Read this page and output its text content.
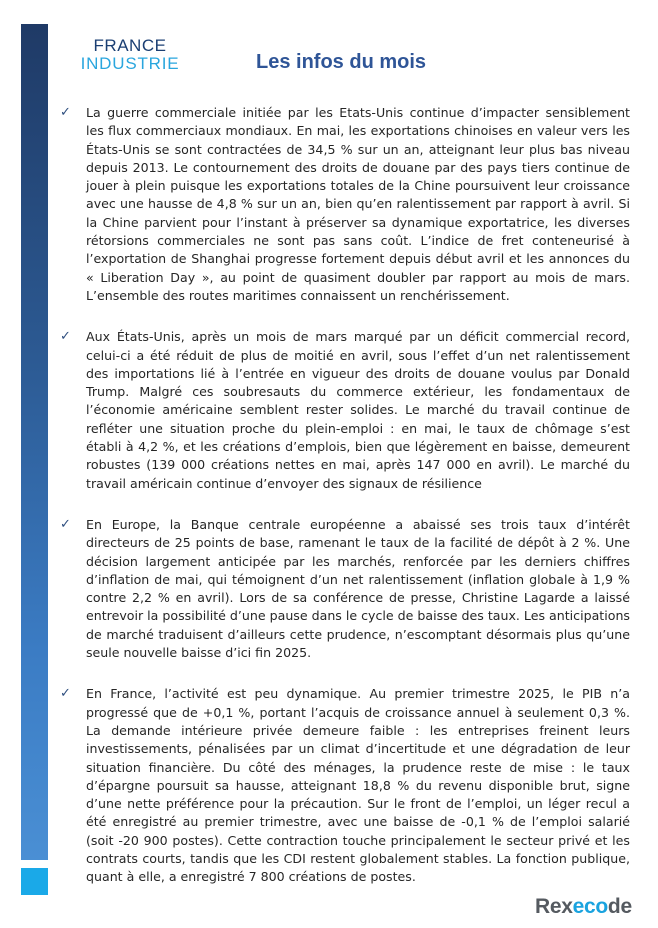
FRANCE
INDUSTRIE	Les infos du mois
✓ La guerre commerciale initiée par les Etats-Unis continue d’impacter sensiblement les flux commerciaux mondiaux. En mai, les exportations chinoises en valeur vers les États-Unis se sont contractées de 34,5 % sur un an, atteignant leur plus bas niveau depuis 2013. Le contournement des droits de douane par des pays tiers continue de jouer à plein puisque les exportations totales de la Chine poursuivent leur croissance avec une hausse de 4,8 % sur un an, bien qu’en ralentissement par rapport à avril. Si la Chine parvient pour l’instant à préserver sa dynamique exportatrice, les diverses rétorsions commerciales ne sont pas sans coût. L’indice de fret conteneurisé à l’exportation de Shanghai progresse fortement depuis début avril et les annonces du « Liberation Day », au point de quasiment doubler par rapport au mois de mars. L’ensemble des routes maritimes connaissent un renchérissement.

✓ Aux États-Unis, après un mois de mars marqué par un déficit commercial record, celui-ci a été réduit de plus de moitié en avril, sous l’effet d’un net ralentissement des importations lié à l’entrée en vigueur des droits de douane voulus par Donald Trump. Malgré ces soubresauts du commerce extérieur, les fondamentaux de l’économie américaine semblent rester solides. Le marché du travail continue de refléter une situation proche du plein-emploi : en mai, le taux de chômage s’est établi à 4,2 %, et les créations d’emplois, bien que légèrement en baisse, demeurent robustes (139 000 créations nettes en mai, après 147 000 en avril). Le marché du travail américain continue d’envoyer des signaux de résilience

✓ En Europe, la Banque centrale européenne a abaissé ses trois taux d’intérêt directeurs de 25 points de base, ramenant le taux de la facilité de dépôt à 2 %. Une décision largement anticipée par les marchés, renforcée par les derniers chiffres d’inflation de mai, qui témoignent d’un net ralentissement (inflation globale à 1,9 % contre 2,2 % en avril). Lors de sa conférence de presse, Christine Lagarde a laissé entrevoir la possibilité d’une pause dans le cycle de baisse des taux. Les anticipations de marché traduisent d’ailleurs cette prudence, n’escomptant désormais plus qu’une seule nouvelle baisse d’ici fin 2025.

✓ En France, l’activité est peu dynamique. Au premier trimestre 2025, le PIB n’a progressé que de +0,1 %, portant l’acquis de croissance annuel à seulement 0,3 %. La demande intérieure privée demeure faible : les entreprises freinent leurs investissements, pénalisées par un climat d’incertitude et une dégradation de leur situation financière. Du côté des ménages, la prudence reste de mise : le taux d’épargne poursuit sa hausse, atteignant 18,8 % du revenu disponible brut, signe d’une nette préférence pour la précaution. Sur le front de l’emploi, un léger recul a été enregistré au premier trimestre, avec une baisse de -0,1 % de l’emploi salarié (soit -20 900 postes). Cette contraction touche principalement le secteur privé et les contrats courts, tandis que les CDI restent globalement stables. La fonction publique, quant à elle, a enregistré 7 800 créations de postes.

Rexecode
